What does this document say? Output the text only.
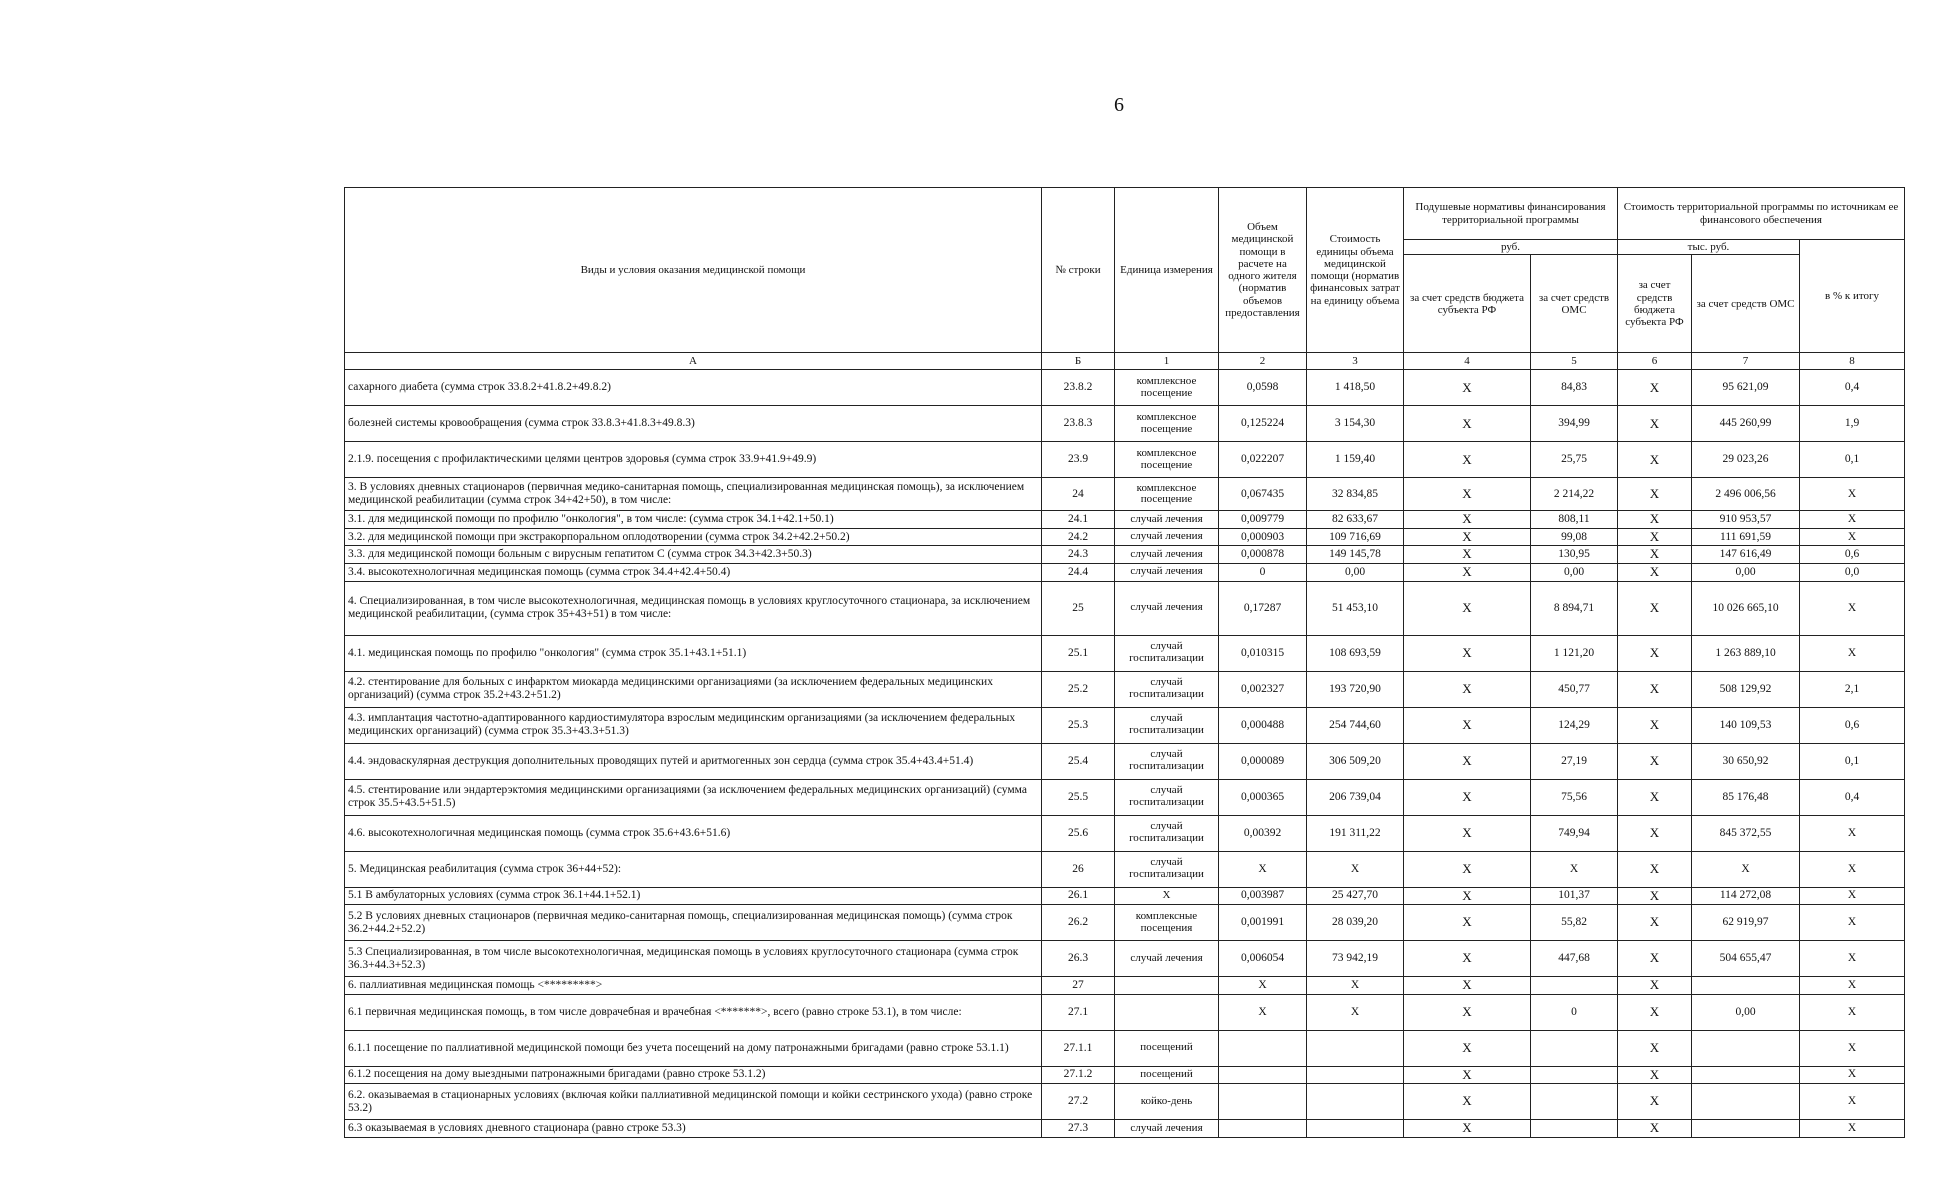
6
Виды и условия оказания медицинской помощи	№ строки	Единица измерения	Объем медицинской помощи в расчете на одного жителя (норматив объемов предоставления	Стоимость единицы объема медицинской помощи (норматив финансовых затрат на единицу объема	Подушевые нормативы финансирования территориальной программы		Стоимость территориальной программы по источникам ее финансового обеспечения		
					руб.		тыс. руб.		в % к итогу
					за счет средств бюджета субъекта РФ	за счет средств ОМС	за счет средств бюджета субъекта РФ	за счет средств ОМС	
А	Б	1	2	3	4	5	6	7	8
сахарного диабета (сумма строк 33.8.2+41.8.2+49.8.2)	23.8.2	комплексное посещение	0,0598	1 418,50	X	84,83	X	95 621,09	0,4
болезней системы кровообращения (сумма строк 33.8.3+41.8.3+49.8.3)	23.8.3	комплексное посещение	0,125224	3 154,30	X	394,99	X	445 260,99	1,9
2.1.9. посещения с профилактическими целями центров здоровья (сумма строк 33.9+41.9+49.9)	23.9	комплексное посещение	0,022207	1 159,40	X	25,75	X	29 023,26	0,1
3. В условиях дневных стационаров (первичная медико-санитарная помощь, специализированная медицинская помощь), за исключением медицинской реабилитации (сумма строк 34+42+50), в том числе:	24	комплексное посещение	0,067435	32 834,85	X	2 214,22	X	2 496 006,56	X
3.1. для медицинской помощи по профилю "онкология", в том числе: (сумма строк 34.1+42.1+50.1)	24.1	случай лечения	0,009779	82 633,67	X	808,11	X	910 953,57	X
3.2. для медицинской помощи при экстракорпоральном оплодотворении (сумма строк 34.2+42.2+50.2)	24.2	случай лечения	0,000903	109 716,69	X	99,08	X	111 691,59	X
3.3. для медицинской помощи больным с вирусным гепатитом С (сумма строк 34.3+42.3+50.3)	24.3	случай лечения	0,000878	149 145,78	X	130,95	X	147 616,49	0,6
3.4. высокотехнологичная медицинская помощь (сумма строк 34.4+42.4+50.4)	24.4	случай лечения	0	0,00	X	0,00	X	0,00	0,0
4. Специализированная, в том числе высокотехнологичная, медицинская помощь в условиях круглосуточного стационара, за исключением медицинской реабилитации, (сумма строк 35+43+51) в том числе:	25	случай лечения	0,17287	51 453,10	X	8 894,71	X	10 026 665,10	X
4.1. медицинская помощь по профилю "онкология" (сумма строк 35.1+43.1+51.1)	25.1	случай госпитализации	0,010315	108 693,59	X	1 121,20	X	1 263 889,10	X
4.2. стентирование для больных с инфарктом миокарда медицинскими организациями (за исключением федеральных медицинских организаций) (сумма строк 35.2+43.2+51.2)	25.2	случай госпитализации	0,002327	193 720,90	X	450,77	X	508 129,92	2,1
4.3. имплантация частотно-адаптированного кардиостимулятора взрослым медицинским организациями (за исключением федеральных медицинских организаций) (сумма строк 35.3+43.3+51.3)	25.3	случай госпитализации	0,000488	254 744,60	X	124,29	X	140 109,53	0,6
4.4. эндоваскулярная деструкция дополнительных проводящих путей и аритмогенных зон сердца (сумма строк 35.4+43.4+51.4)	25.4	случай госпитализации	0,000089	306 509,20	X	27,19	X	30 650,92	0,1
4.5. стентирование или эндартерэктомия медицинскими организациями (за исключением федеральных медицинских организаций) (сумма строк 35.5+43.5+51.5)	25.5	случай госпитализации	0,000365	206 739,04	X	75,56	X	85 176,48	0,4
4.6. высокотехнологичная медицинская помощь (сумма строк 35.6+43.6+51.6)	25.6	случай госпитализации	0,00392	191 311,22	X	749,94	X	845 372,55	X
5. Медицинская реабилитация (сумма строк 36+44+52):	26	случай госпитализации	X	X	X	X	X	X	X
5.1 В амбулаторных условиях (сумма строк 36.1+44.1+52.1)	26.1	X	0,003987	25 427,70	X	101,37	X	114 272,08	X
5.2 В условиях дневных стационаров (первичная медико-санитарная помощь, специализированная медицинская помощь) (сумма строк 36.2+44.2+52.2)	26.2	комплексные посещения	0,001991	28 039,20	X	55,82	X	62 919,97	X
5.3 Специализированная, в том числе высокотехнологичная, медицинская помощь в условиях круглосуточного стационара (сумма строк 36.3+44.3+52.3)	26.3	случай лечения	0,006054	73 942,19	X	447,68	X	504 655,47	X
6. паллиативная медицинская помощь <*********>	27		X	X	X		X		X
6.1 первичная медицинская помощь, в том числе доврачебная и врачебная <*******>, всего (равно строке 53.1), в том числе:	27.1		X	X	X	0	X	0,00	X
6.1.1 посещение по паллиативной медицинской помощи без учета посещений на дому патронажными бригадами (равно строке 53.1.1)	27.1.1	посещений			X		X		X
6.1.2 посещения на дому выездными патронажными бригадами (равно строке 53.1.2)	27.1.2	посещений			X		X		X
6.2. оказываемая в стационарных условиях (включая койки паллиативной медицинской помощи и койки сестринского ухода) (равно строке 53.2)	27.2	койко-день			X		X		X
6.3 оказываемая в условиях дневного стационара (равно строке 53.3)	27.3	случай лечения			X		X		X
